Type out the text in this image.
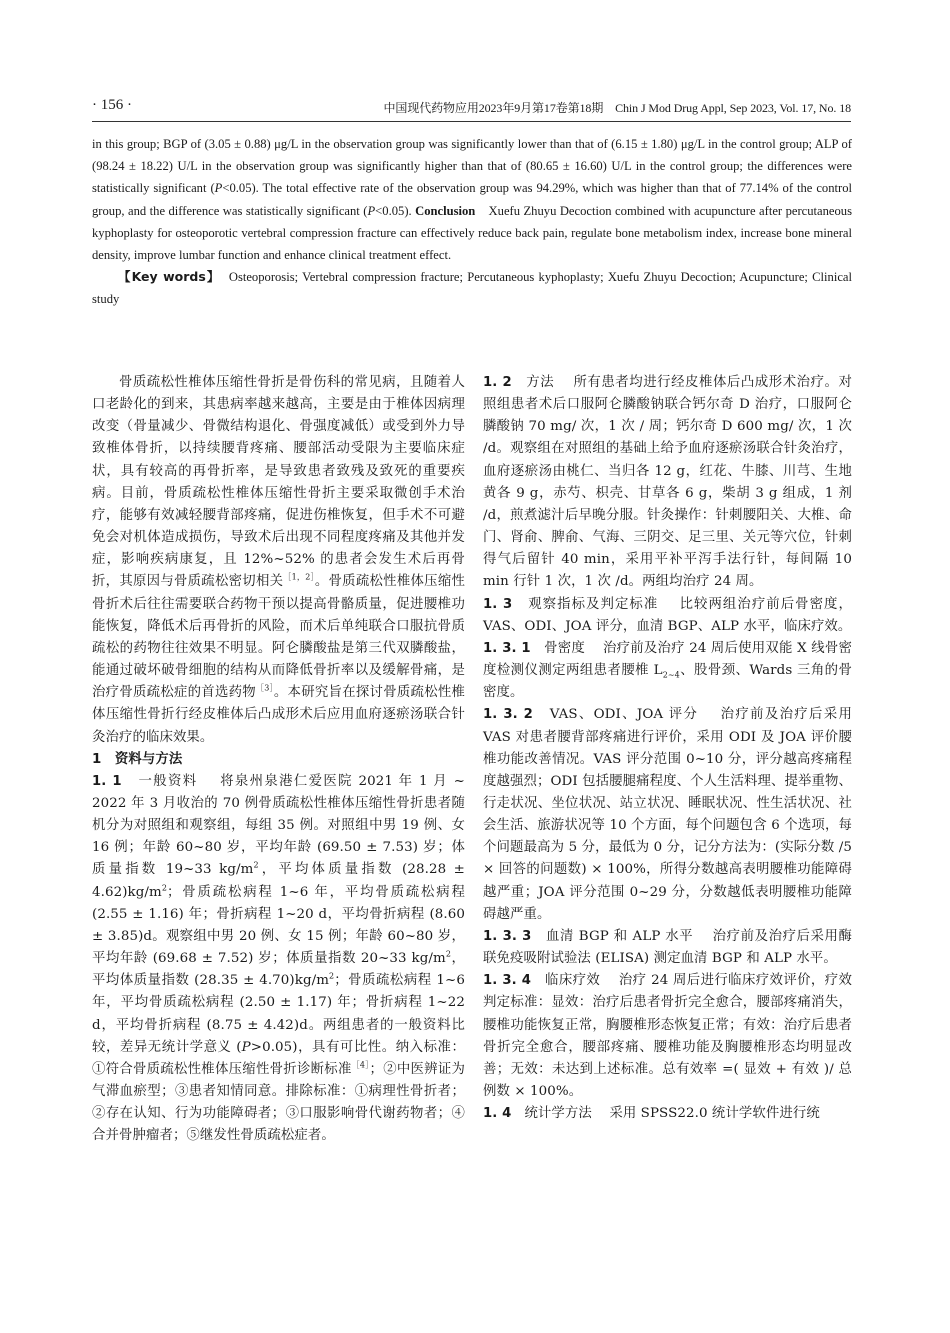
· 156 ·	中国现代药物应用2023年9月第17卷第18期　Chin J Mod Drug Appl, Sep 2023, Vol. 17, No. 18

in this group; BGP of (3.05 ± 0.88) μg/L in the observation group was significantly lower than that of (6.15 ± 1.80) μg/L in the control group; ALP of (98.24 ± 18.22) U/L in the observation group was significantly higher than that of (80.65 ± 16.60) U/L in the control group; the differences were statistically significant (P<0.05). The total effective rate of the observation group was 94.29%, which was higher than that of 77.14% of the control group, and the difference was statistically significant (P<0.05). Conclusion　Xuefu Zhuyu Decoction combined with acupuncture after percutaneous kyphoplasty for osteoporotic vertebral compression fracture can effectively reduce back pain, regulate bone metabolism index, increase bone mineral density, improve lumbar function and enhance clinical treatment effect.

【Key words】 Osteoporosis; Vertebral compression fracture; Percutaneous kyphoplasty; Xuefu Zhuyu Decoction; Acupuncture; Clinical study

骨质疏松性椎体压缩性骨折是骨伤科的常见病，且随着人口老龄化的到来，其患病率越来越高，主要是由于椎体因病理改变（骨量减少、骨微结构退化、骨强度减低）或受到外力导致椎体骨折，以持续腰背疼痛、腰部活动受限为主要临床症状，具有较高的再骨折率，是导致患者致残及致死的重要疾病。目前，骨质疏松性椎体压缩性骨折主要采取微创手术治疗，能够有效减轻腰背部疼痛，促进伤椎恢复，但手术不可避免会对机体造成损伤，导致术后出现不同程度疼痛及其他并发症，影响疾病康复，且 12%~52% 的患者会发生术后再骨折，其原因与骨质疏松密切相关$^{[1,2]}$。骨质疏松性椎体压缩性骨折术后往往需要联合药物干预以提高骨骼质量，促进腰椎功能恢复，降低术后再骨折的风险，而术后单纯联合口服抗骨质疏松的药物往往效果不明显。阿仑膦酸盐是第三代双膦酸盐，能通过破坏破骨细胞的结构从而降低骨折率以及缓解骨痛，是治疗骨质疏松症的首选药物$^{[3]}$。本研究旨在探讨骨质疏松性椎体压缩性骨折行经皮椎体后凸成形术后应用血府逐瘀汤联合针灸治疗的临床效果。

1　资料与方法

1. 1 一般资料 将泉州泉港仁爱医院 2021 年 1 月 ~ 2022 年 3 月收治的 70 例骨质疏松性椎体压缩性骨折患者随机分为对照组和观察组，每组 35 例。对照组中男 19 例、女 16 例；年龄 60~80 岁，平均年龄 (69.50 ± 7.53) 岁；体质量指数 19~33 $kg/m^2$，平均体质量指数 $(28.28 \pm 4.62)kg/m^2$；骨质疏松病程 1~6 年，平均骨质疏松病程 (2.55 ± 1.16) 年；骨折病程 1~20 d，平均骨折病程 (8.60 ± 3.85)d。观察组中男 20 例、女 15 例；年龄 60~80 岁，平均年龄 (69.68 ± 7.52) 岁；体质量指数 20~33 $kg/m^2$，平均体质量指数 $(28.35 \pm 4.70)kg/m^2$；骨质疏松病程 1~6 年，平均骨质疏松病程 (2.50 ± 1.17) 年；骨折病程 1~22 d，平均骨折病程 (8.75 ± 4.42)d。两组患者的一般资料比较，差异无统计学意义 (P>0.05)，具有可比性。纳入标准：①符合骨质疏松性椎体压缩性骨折诊断标准$^{[4]}$；②中医辨证为气滞血瘀型；③患者知情同意。排除标准：①病理性骨折者；②存在认知、行为功能障碍者；③口服影响骨代谢药物者；④合并骨肿瘤者；⑤继发性骨质疏松症者。

1. 2 方法 所有患者均进行经皮椎体后凸成形术治疗。对照组患者术后口服阿仑膦酸钠联合钙尔奇 D 治疗，口服阿仑膦酸钠 70 mg/ 次，1 次 / 周；钙尔奇 D 600 mg/ 次，1 次 /d。观察组在对照组的基础上给予血府逐瘀汤联合针灸治疗，血府逐瘀汤由桃仁、当归各 12 g，红花、牛膝、川芎、生地黄各 9 g，赤芍、枳壳、甘草各 6 g，柴胡 3 g 组成，1 剂 /d，煎煮滤汁后早晚分服。针灸操作：针刺腰阳关、大椎、命门、肾俞、脾俞、气海、三阴交、足三里、关元等穴位，针刺得气后留针 40 min，采用平补平泻手法行针，每间隔 10 min 行针 1 次，1 次 /d。两组均治疗 24 周。

1. 3 观察指标及判定标准 比较两组治疗前后骨密度，VAS、ODI、JOA 评分，血清 BGP、ALP 水平，临床疗效。

1. 3. 1 骨密度 治疗前及治疗 24 周后使用双能 X 线骨密度检测仪测定两组患者腰椎 $L_{2\sim 4}$、股骨颈、Wards 三角的骨密度。

1. 3. 2 VAS、ODI、JOA 评分 治疗前及治疗后采用 VAS 对患者腰背部疼痛进行评价，采用 ODI 及 JOA 评价腰椎功能改善情况。VAS 评分范围 0~10 分，评分越高疼痛程度越强烈；ODI 包括腰腿痛程度、个人生活料理、提举重物、行走状况、坐位状况、站立状况、睡眠状况、性生活状况、社会生活、旅游状况等 10 个方面，每个问题包含 6 个选项，每个问题最高为 5 分，最低为 0 分，记分方法为：(实际分数 /5 × 回答的问题数) × 100%，所得分数越高表明腰椎功能障碍越严重；JOA 评分范围 0~29 分，分数越低表明腰椎功能障碍越严重。

1. 3. 3 血清 BGP 和 ALP 水平 治疗前及治疗后采用酶联免疫吸附试验法 (ELISA) 测定血清 BGP 和 ALP 水平。

1. 3. 4 临床疗效 治疗 24 周后进行临床疗效评价，疗效判定标准：显效：治疗后患者骨折完全愈合，腰部疼痛消失，腰椎功能恢复正常，胸腰椎形态恢复正常；有效：治疗后患者骨折完全愈合，腰部疼痛、腰椎功能及胸腰椎形态均明显改善；无效：未达到上述标准。总有效率 =( 显效 + 有效 )/ 总例数 × 100%。

1. 4 统计学方法 采用 SPSS22.0 统计学软件进行统
